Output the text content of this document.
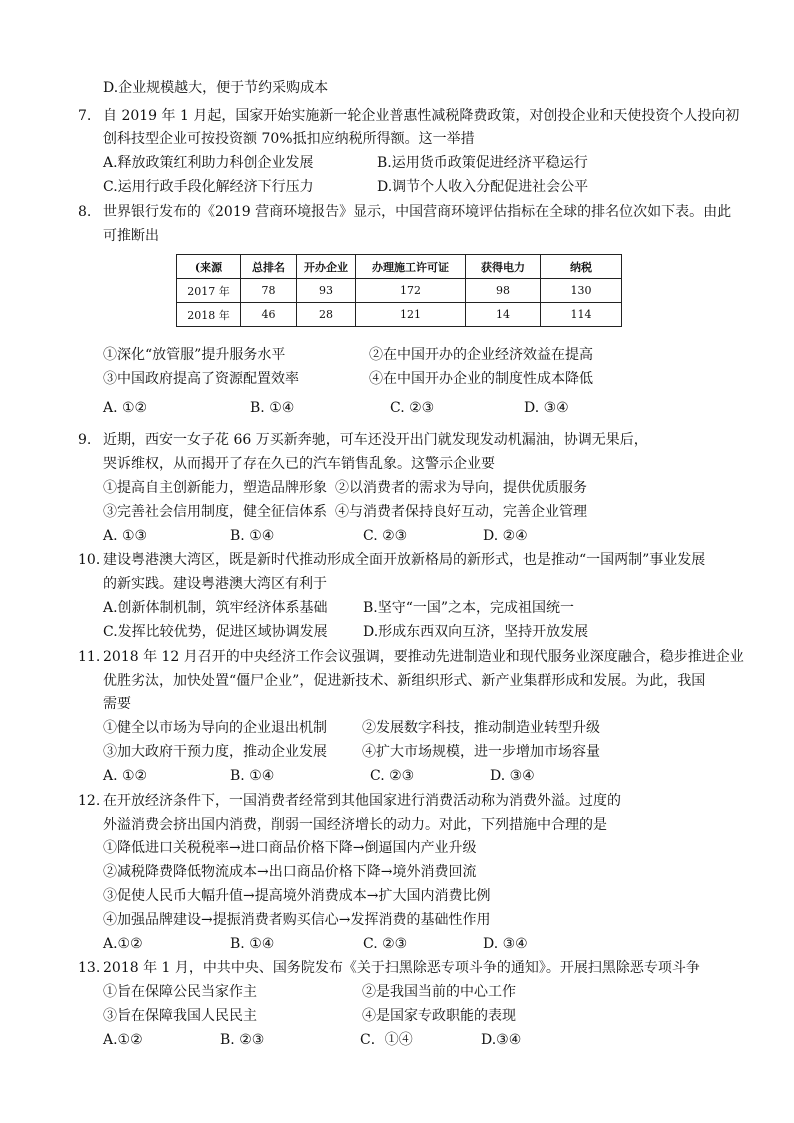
D.企业规模越大，便于节约采购成本
7. 自 2019 年 1 月起，国家开始实施新一轮企业普惠性减税降费政策，对创投企业和天使投资个人投向初
创科技型企业可按投资额 70%抵扣应纳税所得额。这一举措
A.释放政策红利助力科创企业发展	B.运用货币政策促进经济平稳运行
C.运用行政手段化解经济下行压力	D.调节个人收入分配促进社会公平
8. 世界银行发布的《2019 营商环境报告》显示，中国营商环境评估指标在全球的排名位次如下表。由此
可推断出
(来源	总排名	开办企业	办理施工许可证	获得电力	纳税
2017 年	78	93	172	98	130
2018 年	46	28	121	14	114
①深化“放管服”提升服务水平	②在中国开办的企业经济效益在提高
③中国政府提高了资源配置效率	④在中国开办企业的制度性成本降低
A. ①②	B. ①④	C. ②③	D. ③④
9. 近期，西安一女子花 66 万买新奔驰，可车还没开出门就发现发动机漏油，协调无果后，
哭诉维权，从而揭开了存在久已的汽车销售乱象。这警示企业要
①提高自主创新能力，塑造品牌形象 ②以消费者的需求为导向，提供优质服务
③完善社会信用制度，健全征信体系 ④与消费者保持良好互动，完善企业管理
A. ①③	B. ①④	C. ②③	D. ②④
10．
建设粤港澳大湾区，既是新时代推动形成全面开放新格局的新形式，也是推动“一国两制”事业发展
的新实践。建设粤港澳大湾区有利于
A.创新体制机制，筑牢经济体系基础	B.坚守“一国”之本，完成祖国统一
C.发挥比较优势，促进区域协调发展	D.形成东西双向互济，坚持开放发展
11. 2018 年 12 月召开的中央经济工作会议强调，要推动先进制造业和现代服务业深度融合，稳步推进企业
优胜劣汰，加快处置“僵尸企业”，促进新技术、新组织形式、新产业集群形成和发展。为此，我国
需要
①健全以市场为导向的企业退出机制	②发展数字科技，推动制造业转型升级
③加大政府干预力度，推动企业发展	④扩大市场规模，进一步增加市场容量
A. ①②	B. ①④	C. ②③	D. ③④
12. 在开放经济条件下，一国消费者经常到其他国家进行消费活动称为消费外溢。过度的
外溢消费会挤出国内消费，削弱一国经济增长的动力。对此，下列措施中合理的是
①降低进口关税税率→进口商品价格下降→倒逼国内产业升级
②减税降费降低物流成本→出口商品价格下降→境外消费回流
③促使人民币大幅升值→提高境外消费成本→扩大国内消费比例
④加强品牌建设→提振消费者购买信心→发挥消费的基础性作用
A.①②	B. ①④	C. ②③	D. ③④
13. 2018 年 1 月，中共中央、国务院发布《关于扫黑除恶专项斗争的通知》。开展扫黑除恶专项斗争
①旨在保障公民当家作主	②是我国当前的中心工作
③旨在保障我国人民民主	④是国家专政职能的表现
A.①②	B. ②③	C．①④	D.③④
